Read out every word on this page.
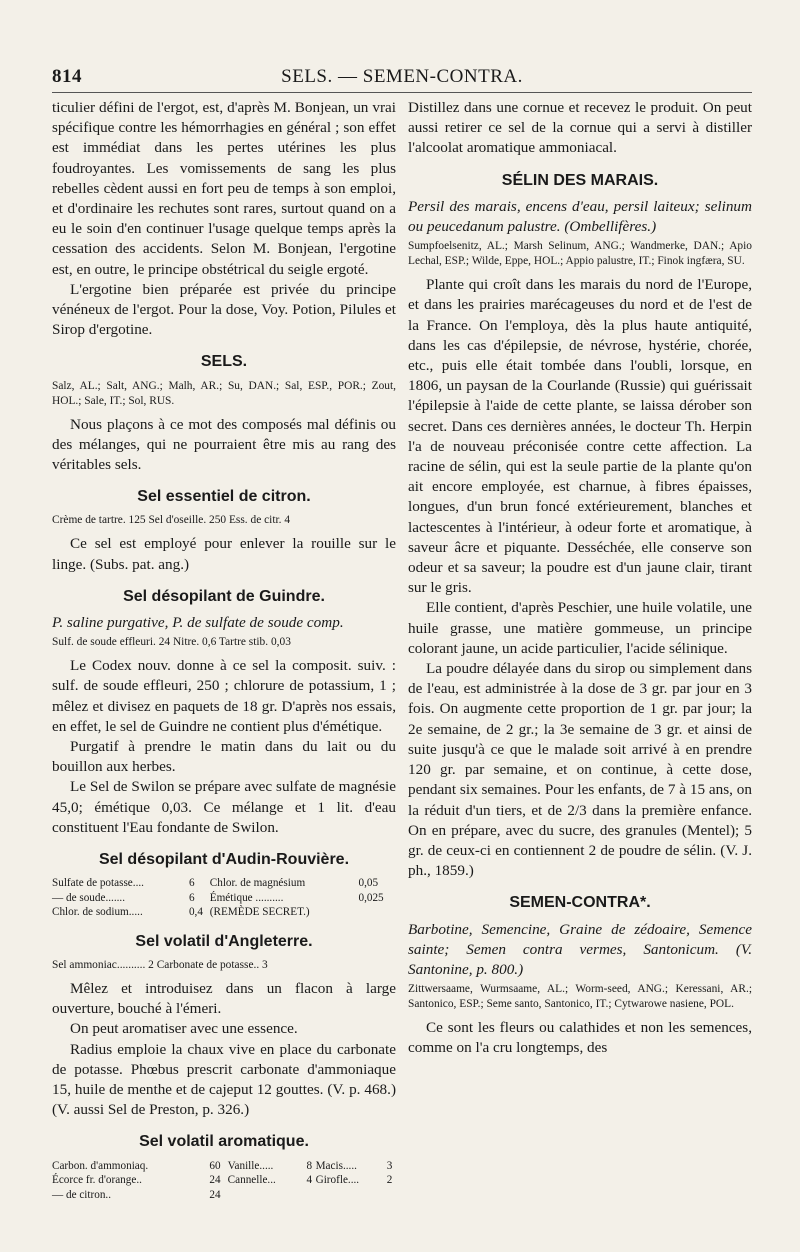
814	SELS. — SEMEN-CONTRA.

ticulier défini de l'ergot, est, d'après M. Bonjean, un vrai spécifique contre les hémorrhagies en général ; son effet est immédiat dans les pertes utérines les plus foudroyantes. Les vomissements de sang les plus rebelles cèdent aussi en fort peu de temps à son emploi, et d'ordinaire les rechutes sont rares, surtout quand on a eu le soin d'en continuer l'usage quelque temps après la cessation des accidents. Selon M. Bonjean, l'ergotine est, en outre, le principe obstétrical du seigle ergoté.

L'ergotine bien préparée est privée du principe vénéneux de l'ergot. Pour la dose, Voy. Potion, Pilules et Sirop d'ergotine.

SELS.

Salz, AL.; Salt, ANG.; Malh, AR.; Su, DAN.; Sal, ESP., POR.; Zout, HOL.; Sale, IT.; Sol, RUS.

Nous plaçons à ce mot des composés mal définis ou des mélanges, qui ne pourraient être mis au rang des véritables sels.

Sel essentiel de citron.

Crème de tartre. 125 Sel d'oseille. 250 Ess. de citr. 4

Ce sel est employé pour enlever la rouille sur le linge. (Subs. pat. ang.)

Sel désopilant de Guindre.

P. saline purgative, P. de sulfate de soude comp.

Sulf. de soude effleuri. 24 Nitre. 0,6 Tartre stib. 0,03

Le Codex nouv. donne à ce sel la composit. suiv. : sulf. de soude effleuri, 250 ; chlorure de potassium, 1 ; mêlez et divisez en paquets de 18 gr. D'après nos essais, en effet, le sel de Guindre ne contient plus d'émétique.

Purgatif à prendre le matin dans du lait ou du bouillon aux herbes.

Le Sel de Swilon se prépare avec sulfate de magnésie 45,0; émétique 0,03. Ce mélange et 1 lit. d'eau constituent l'Eau fondante de Swilon.

Sel désopilant d'Audin-Rouvière.
Sulfate de potasse....	6	Chlor. de magnésium	0,05
— de soude.......	6	Émétique ..........	0,025
Chlor. de sodium.....	0,4	(REMÈDE SECRET.)	
Sel volatil d'Angleterre.

Sel ammoniac.......... 2 Carbonate de potasse.. 3

Mêlez et introduisez dans un flacon à large ouverture, bouché à l'émeri.

On peut aromatiser avec une essence.

Radius emploie la chaux vive en place du carbonate de potasse. Phœbus prescrit carbonate d'ammoniaque 15, huile de menthe et de cajeput 12 gouttes. (V. p. 468.) (V. aussi Sel de Preston, p. 326.)

Sel volatil aromatique.
Carbon. d'ammoniaq.	60	Vanille.....	8	Macis.....	3
Écorce fr. d'orange..	24	Cannelle...	4	Girofle....	2
— de citron..	24				

Distillez dans une cornue et recevez le produit. On peut aussi retirer ce sel de la cornue qui a servi à distiller l'alcoolat aromatique ammoniacal.

SÉLIN DES MARAIS.

Persil des marais, encens d'eau, persil laiteux; selinum ou peucedanum palustre. (Ombellifères.)

Sumpfoelsenitz, AL.; Marsh Selinum, ANG.; Wandmerke, DAN.; Apio Lechal, ESP.; Wilde, Eppe, HOL.; Appio palustre, IT.; Finok ingfæra, SU.

Plante qui croît dans les marais du nord de l'Europe, et dans les prairies marécageuses du nord et de l'est de la France. On l'employa, dès la plus haute antiquité, dans les cas d'épilepsie, de névrose, hystérie, chorée, etc., puis elle était tombée dans l'oubli, lorsque, en 1806, un paysan de la Courlande (Russie) qui guérissait l'épilepsie à l'aide de cette plante, se laissa dérober son secret. Dans ces dernières années, le docteur Th. Herpin l'a de nouveau préconisée contre cette affection. La racine de sélin, qui est la seule partie de la plante qu'on ait encore employée, est charnue, à fibres épaisses, longues, d'un brun foncé extérieurement, blanches et lactescentes à l'intérieur, à odeur forte et aromatique, à saveur âcre et piquante. Desséchée, elle conserve son odeur et sa saveur; la poudre est d'un jaune clair, tirant sur le gris.

Elle contient, d'après Peschier, une huile volatile, une huile grasse, une matière gommeuse, un principe colorant jaune, un acide particulier, l'acide sélinique.

La poudre délayée dans du sirop ou simplement dans de l'eau, est administrée à la dose de 3 gr. par jour en 3 fois. On augmente cette proportion de 1 gr. par jour; la 2e semaine, de 2 gr.; la 3e semaine de 3 gr. et ainsi de suite jusqu'à ce que le malade soit arrivé à en prendre 120 gr. par semaine, et on continue, à cette dose, pendant six semaines. Pour les enfants, de 7 à 15 ans, on la réduit d'un tiers, et de 2/3 dans la première enfance. On en prépare, avec du sucre, des granules (Mentel); 5 gr. de ceux-ci en contiennent 2 de poudre de sélin. (V. J. ph., 1859.)

SEMEN-CONTRA*.

Barbotine, Semencine, Graine de zédoaire, Semence sainte; Semen contra vermes, Santonicum. (V. Santonine, p. 800.)

Zittwersaame, Wurmsaame, AL.; Worm-seed, ANG.; Keressani, AR.; Santonico, ESP.; Seme santo, Santonico, IT.; Cytwarowe nasiene, POL.

Ce sont les fleurs ou calathides et non les semences, comme on l'a cru longtemps, des
